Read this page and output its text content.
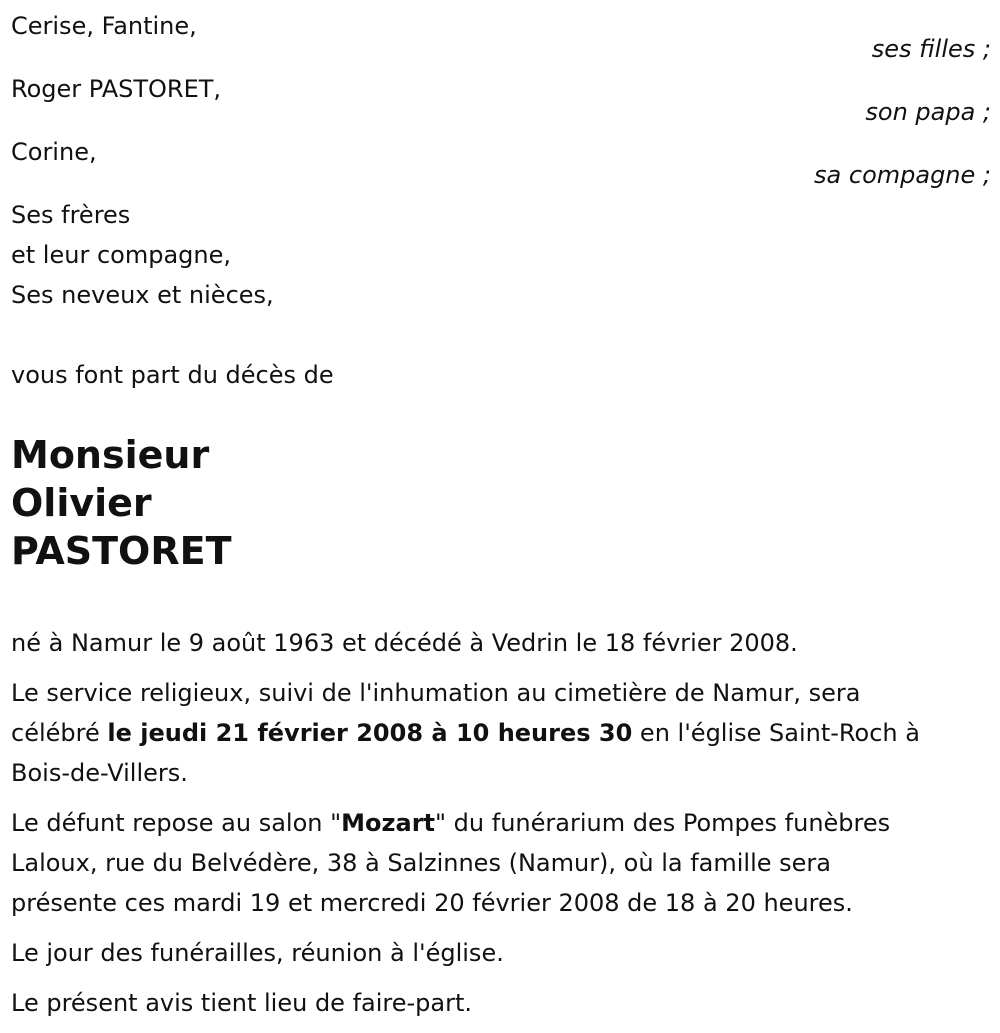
Cerise, Fantine,
ses filles ;
Roger PASTORET,
son papa ;
Corine,
sa compagne ;
Ses frères
et leur compagne,
Ses neveux et nièces,
vous font part du décès de
Monsieur
Olivier
PASTORET
né à Namur le 9 août 1963 et décédé à Vedrin le 18 février 2008.
Le service religieux, suivi de l'inhumation au cimetière de Namur, sera
célébré le jeudi 21 février 2008 à 10 heures 30 en l'église Saint-Roch à
Bois-de-Villers.
Le défunt repose au salon "Mozart" du funérarium des Pompes funèbres
Laloux, rue du Belvédère, 38 à Salzinnes (Namur), où la famille sera
présente ces mardi 19 et mercredi 20 février 2008 de 18 à 20 heures.
Le jour des funérailles, réunion à l'église.
Le présent avis tient lieu de faire-part.
